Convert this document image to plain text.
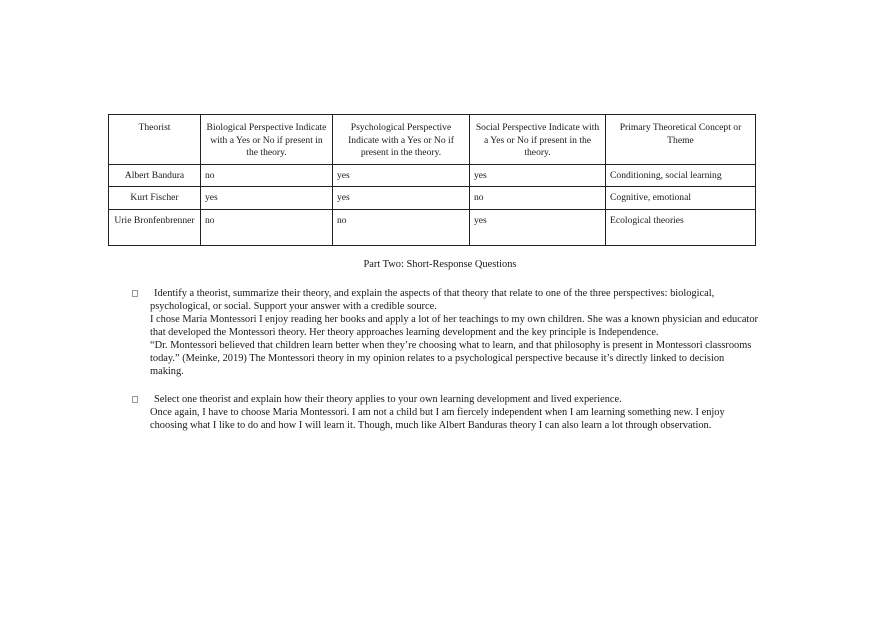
Theorist	Biological Perspective Indicate with a Yes or No if present in the theory.	Psychological Perspective Indicate with a Yes or No if present in the theory.	Social Perspective Indicate with a Yes or No if present in the theory.	Primary Theoretical Concept or Theme
Albert Bandura	no	yes	yes	Conditioning, social learning
Kurt Fischer	yes	yes	no	Cognitive, emotional
Urie Bronfenbrenner	no	no	yes	Ecological theories
Part Two: Short-Response Questions

Identify a theorist, summarize their theory, and explain the aspects of that theory that relate to one of the three perspectives: biological, psychological, or social. Support your answer with a credible source.

I chose Maria Montessori I enjoy reading her books and apply a lot of her teachings to my own children. She was a known physician and educator that developed the Montessori theory. Her theory approaches learning development and the key principle is Independence.

“Dr. Montessori believed that children learn better when they’re choosing what to learn, and that philosophy is present in Montessori classrooms today.” (Meinke, 2019) The Montessori theory in my opinion relates to a psychological perspective because it’s directly linked to decision making.

Select one theorist and explain how their theory applies to your own learning development and lived experience.

Once again, I have to choose Maria Montessori. I am not a child but I am fiercely independent when I am learning something new. I enjoy choosing what I like to do and how I will learn it. Though, much like Albert Banduras theory I can also learn a lot through observation.
